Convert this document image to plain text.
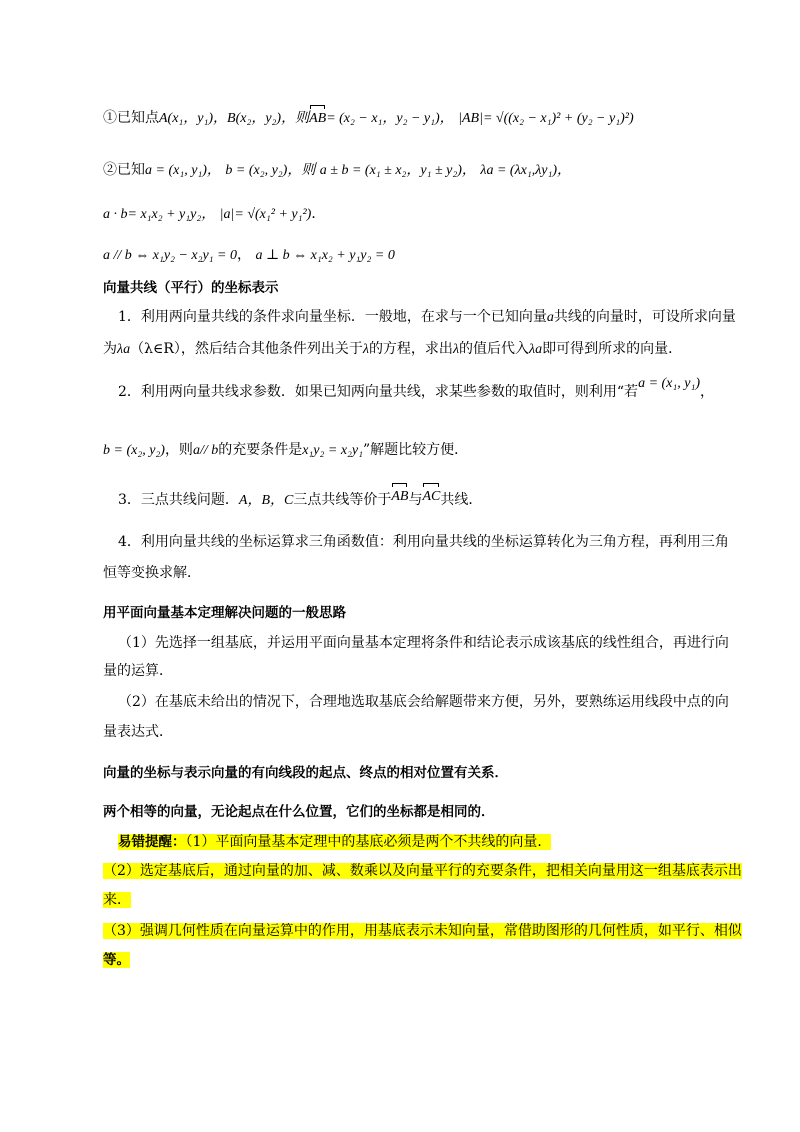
①已知点A(x₁，y₁)，B(x₂，y₂)，则AB= (x₂ − x₁，y₂ − y₁)， |AB|= √((x₂ − x₁)² + (y₂ − y₁)²)
②已知a = (x₁, y₁)， b = (x₂, y₂)，则 a ± b = (x₁ ± x₂，y₁ ± y₂)， λa = (λx₁,λy₁)，
a · b= x₁x₂ + y₁y₂， |a|= √(x₁² + y₁²)．
a // b ⇔ x₁y₂ − x₂y₁ = 0， a ⊥ b ⇔ x₁x₂ + y₁y₂ = 0
向量共线（平行）的坐标表示
1．利用两向量共线的条件求向量坐标．一般地，在求与一个已知向量a共线的向量时，可设所求向量
为λa（λ∈R），然后结合其他条件列出关于λ的方程，求出λ的值后代入λa即可得到所求的向量．
2．利用两向量共线求参数．如果已知两向量共线，求某些参数的取值时，则利用“若a = (x₁, y₁)，
b = (x₂, y₂)，则a// b的充要条件是x₁y₂ = x₂y₁”解题比较方便．
3．三点共线问题．A，B，C三点共线等价于AB与AC共线．
4．利用向量共线的坐标运算求三角函数值：利用向量共线的坐标运算转化为三角方程，再利用三角
恒等变换求解．
用平面向量基本定理解决问题的一般思路
（1）先选择一组基底，并运用平面向量基本定理将条件和结论表示成该基底的线性组合，再进行向
量的运算．
（2）在基底未给出的情况下，合理地选取基底会给解题带来方便，另外，要熟练运用线段中点的向
量表达式．
向量的坐标与表示向量的有向线段的起点、终点的相对位置有关系．
两个相等的向量，无论起点在什么位置，它们的坐标都是相同的．
易错提醒：（1）平面向量基本定理中的基底必须是两个不共线的向量．
（2）选定基底后，通过向量的加、减、数乘以及向量平行的充要条件，把相关向量用这一组基底表示出
来．
（3）强调几何性质在向量运算中的作用，用基底表示未知向量，常借助图形的几何性质，如平行、相似
等。
